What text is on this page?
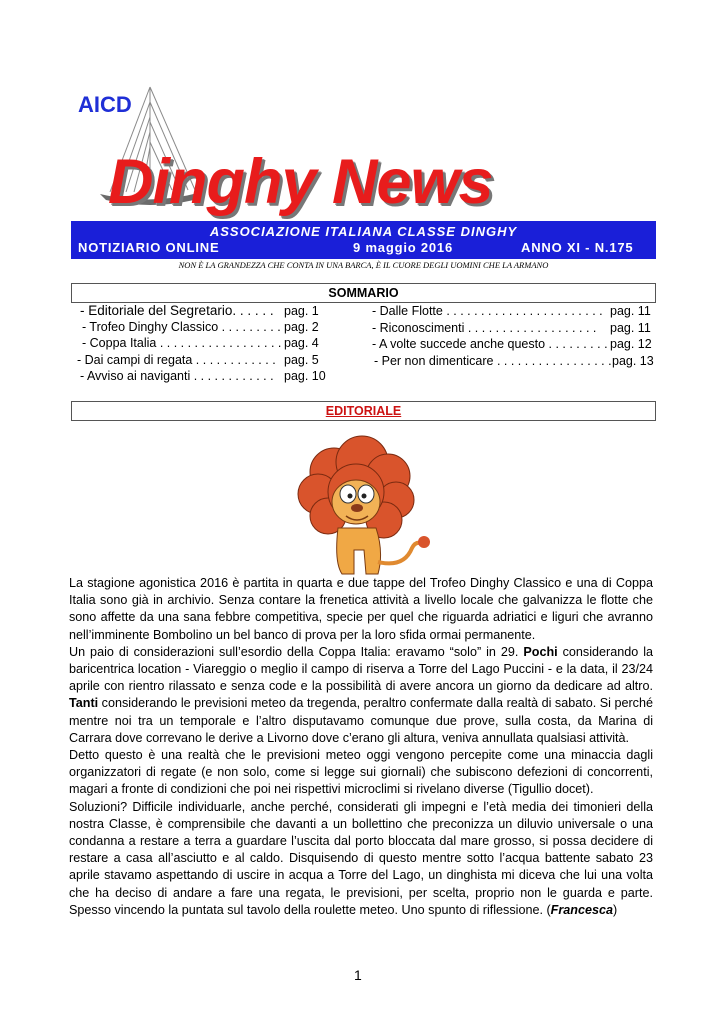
AICD
Dinghy News
ASSOCIAZIONE ITALIANA CLASSE DINGHY
NOTIZIARIO ONLINE	9 maggio 2016	ANNO XI - N.175
NON È LA GRANDEZZA CHE CONTA IN UNA BARCA, È IL CUORE DEGLI UOMINI CHE LA ARMANO
SOMMARIO
- Editoriale del Segretario. . . . . . pag. 1
- Trofeo Dinghy Classico . . . . . . . . . pag. 2
- Coppa Italia . . . . . . . . . . . . . . . . . . pag. 4
- Dai campi di regata . . . . . . . . . . . . pag. 5
- Avviso ai naviganti . . . . . . . . . . . . pag. 10
- Dalle Flotte . . . . . . . . . . . . . . . . . . . . . . . pag. 11
- Riconoscimenti . . . . . . . . . . . . . . . . . . . pag. 11
- A volte succede anche questo . . . . . . . . . pag. 12
- Per non dimenticare . . . . . . . . . . . . . . . . . pag. 13
EDITORIALE

La stagione agonistica 2016 è partita in quarta e due tappe del Trofeo Dinghy Classico e una di Coppa Italia sono già in archivio. Senza contare la frenetica attività a livello locale che galvanizza le flotte che sono affette da una sana febbre competitiva, specie per quel che riguarda adriatici e liguri che avranno nell’imminente Bombolino un bel banco di prova per la loro sfida ormai permanente.

Un paio di considerazioni sull’esordio della Coppa Italia: eravamo “solo” in 29. Pochi considerando la baricentrica location - Viareggio o meglio il campo di riserva a Torre del Lago Puccini - e la data, il 23/24 aprile con rientro rilassato e senza code e la possibilità di avere ancora un giorno da dedicare ad altro. Tanti considerando le previsioni meteo da tregenda, peraltro confermate dalla realtà di sabato. Si perché mentre noi tra un temporale e l’altro disputavamo comunque due prove, sulla costa, da Marina di Carrara dove correvano le derive a Livorno dove c’erano gli altura, veniva annullata qualsiasi attività.

Detto questo è una realtà che le previsioni meteo oggi vengono percepite come una minaccia dagli organizzatori di regate (e non solo, come si legge sui giornali) che subiscono defezioni di concorrenti, magari a fronte di condizioni che poi nei rispettivi microclimi si rivelano diverse (Tigullio docet).

Soluzioni? Difficile individuarle, anche perché, considerati gli impegni e l’età media dei timonieri della nostra Classe, è comprensibile che davanti a un bollettino che preconizza un diluvio universale o una condanna a restare a terra a guardare l’uscita dal porto bloccata dal mare grosso, si possa decidere di restare a casa all’asciutto e al caldo. Disquisendo di questo mentre sotto l’acqua battente sabato 23 aprile stavamo aspettando di uscire in acqua a Torre del Lago, un dinghista mi diceva che lui una volta che ha deciso di andare a fare una regata, le previsioni, per scelta, proprio non le guarda e parte. Spesso vincendo la puntata sul tavolo della roulette meteo. Uno spunto di riflessione. (Francesca)

1
